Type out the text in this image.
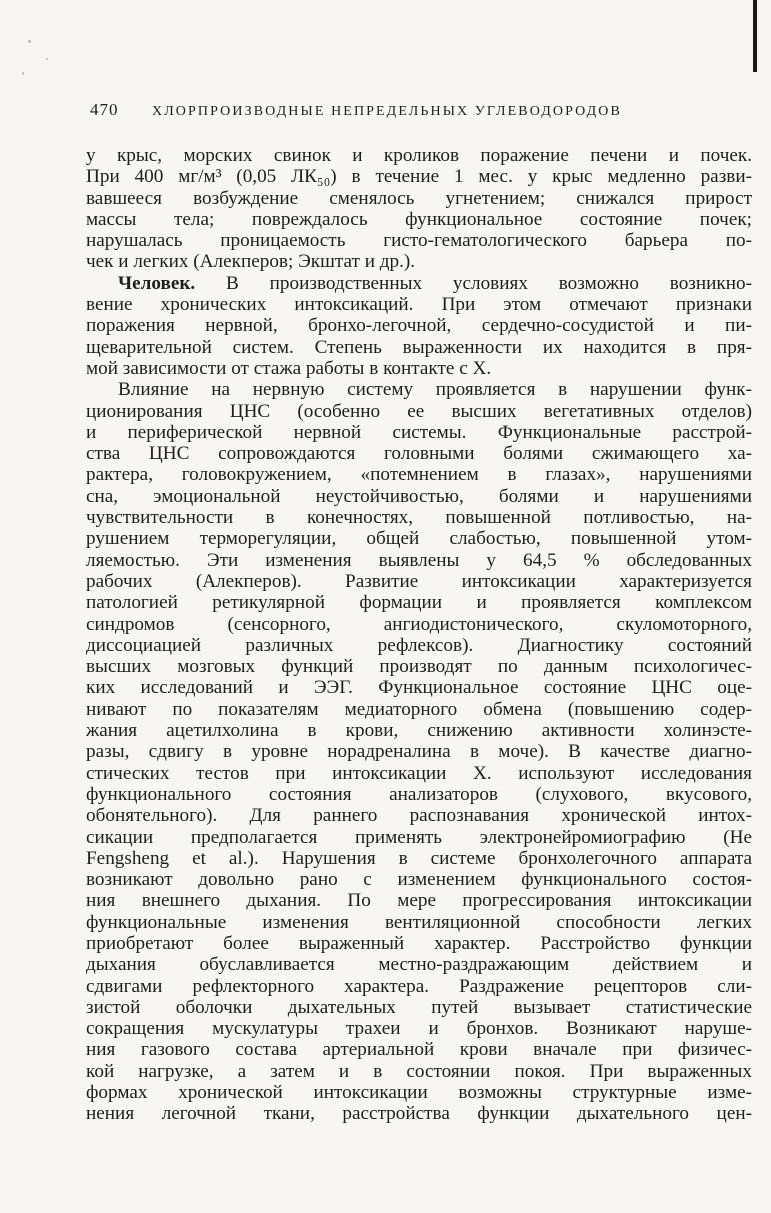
470	ХЛОРПРОИЗВОДНЫЕ НЕПРЕДЕЛЬНЫХ УГЛЕВОДОРОДОВ

у крыс, морских свинок и кроликов поражение печени и почек.

При 400 мг/м³ (0,05 ЛК₅₀) в течение 1 мес. у крыс медленно разви-

вавшееся возбуждение сменялось угнетением; снижался прирост

массы тела; повреждалось функциональное состояние почек;

нарушалась проницаемость гисто-гематологического барьера по-

чек и легких (Алекперов; Экштат и др.).

Человек. В производственных условиях возможно возникно-

вение хронических интоксикаций. При этом отмечают признаки

поражения нервной, бронхо-легочной, сердечно-сосудистой и пи-

щеварительной систем. Степень выраженности их находится в пря-

мой зависимости от стажа работы в контакте с Х.

Влияние на нервную систему проявляется в нарушении функ-

ционирования ЦНС (особенно ее высших вегетативных отделов)

и периферической нервной системы. Функциональные расстрой-

ства ЦНС сопровождаются головными болями сжимающего ха-

рактера, головокружением, «потемнением в глазах», нарушениями

сна, эмоциональной неустойчивостью, болями и нарушениями

чувствительности в конечностях, повышенной потливостью, на-

рушением терморегуляции, общей слабостью, повышенной утом-

ляемостью. Эти изменения выявлены у 64,5 % обследованных

рабочих (Алекперов). Развитие интоксикации характеризуется

патологией ретикулярной формации и проявляется комплексом

синдромов (сенсорного, ангиодистонического, скуломоторного,

диссоциацией различных рефлексов). Диагностику состояний

высших мозговых функций производят по данным психологичес-

ких исследований и ЭЭГ. Функциональное состояние ЦНС оце-

нивают по показателям медиаторного обмена (повышению содер-

жания ацетилхолина в крови, снижению активности холинэсте-

разы, сдвигу в уровне норадреналина в моче). В качестве диагно-

стических тестов при интоксикации Х. используют исследования

функционального состояния анализаторов (слухового, вкусового,

обонятельного). Для раннего распознавания хронической интох-

сикации предполагается применять электронейромиографию (Не

Fengsheng et al.). Нарушения в системе бронхолегочного аппарата

возникают довольно рано с изменением функционального состоя-

ния внешнего дыхания. По мере прогрессирования интоксикации

функциональные изменения вентиляционной способности легких

приобретают более выраженный характер. Расстройство функции

дыхания обуславливается местно-раздражающим действием и

сдвигами рефлекторного характера. Раздражение рецепторов сли-

зистой оболочки дыхательных путей вызывает статистические

сокращения мускулатуры трахеи и бронхов. Возникают наруше-

ния газового состава артериальной крови вначале при физичес-

кой нагрузке, а затем и в состоянии покоя. При выраженных

формах хронической интоксикации возможны структурные изме-

нения легочной ткани, расстройства функции дыхательного цен-
